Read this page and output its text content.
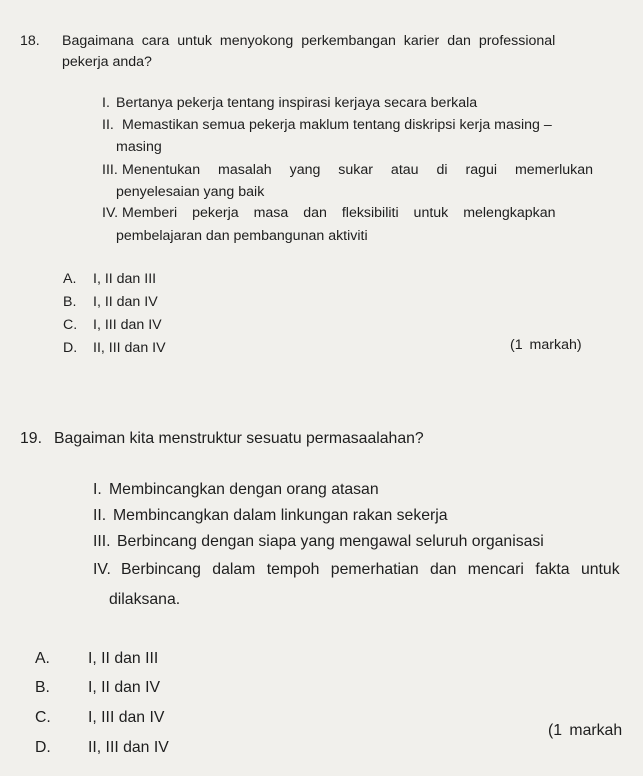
18. Bagaimana cara untuk menyokong perkembangan karier dan professional
pekerja anda?
I. Bertanya pekerja tentang inspirasi kerjaya secara berkala
II. Memastikan semua pekerja maklum tentang diskripsi kerja masing –
masing
III. Menentukan masalah yang sukar atau di ragui memerlukan
penyelesaian yang baik
IV. Memberi pekerja masa dan fleksibiliti untuk melengkapkan
pembelajaran dan pembangunan aktiviti
A. I, II dan III
B. I, II dan IV
C. I, III dan IV
D. II, III dan IV	(1 markah)
19. Bagaiman kita menstruktur sesuatu permasaalahan?
I. Membincangkan dengan orang atasan
II. Membincangkan dalam linkungan rakan sekerja
III. Berbincang dengan siapa yang mengawal seluruh organisasi
IV. Berbincang dalam tempoh pemerhatian dan mencari fakta untuk
dilaksana.
A. I, II dan III
B. I, II dan IV
C. I, III dan IV
D. II, III dan IV
(1 markah
